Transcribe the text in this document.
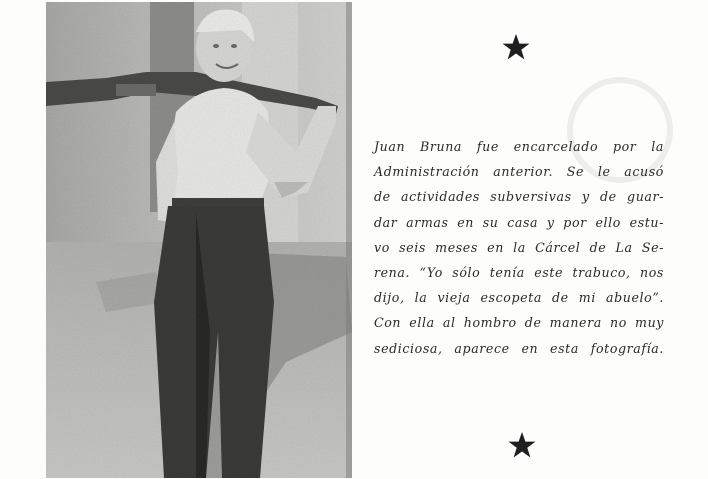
Juan Bruna fue encarcelado por la
Administración anterior. Se le acusó
de actividades subversivas y de guar-
dar armas en su casa y por ello estu-
vo seis meses en la Cárcel de La Se-
rena. “Yo sólo tenía este trabuco, nos
dijo, la vieja escopeta de mi abuelo”.
Con ella al hombro de manera no muy
sediciosa, aparece en esta fotografía.
